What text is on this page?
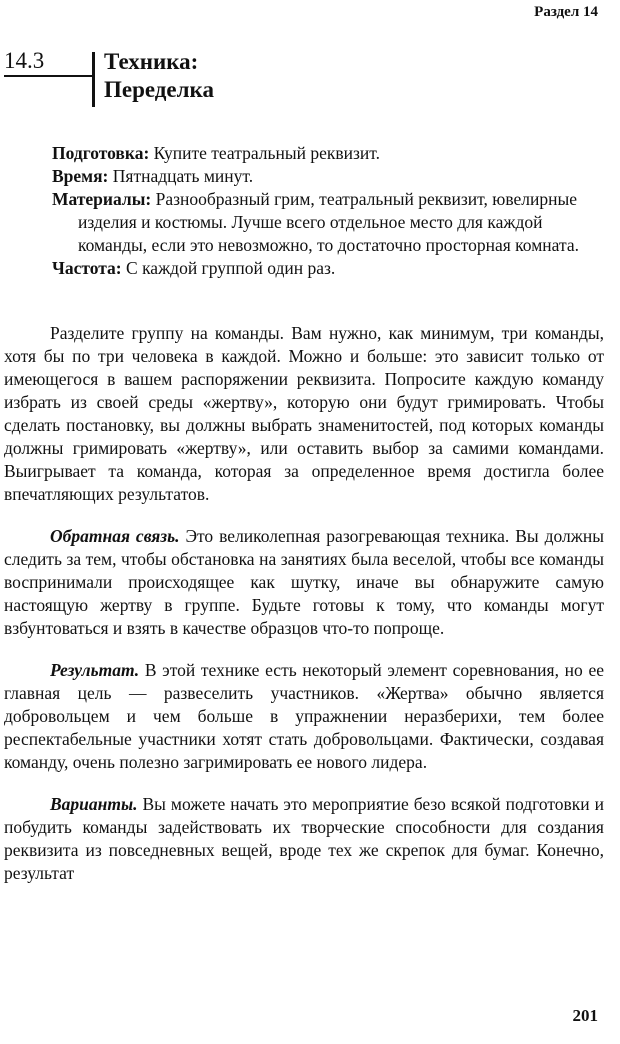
Раздел 14
14.3	Техника:
Переделка

Подготовка: Купите театральный реквизит.

Время: Пятнадцать минут.

Материалы: Разнообразный грим, театральный реквизит, ювелирные изделия и костюмы. Лучше всего отдельное место для каждой команды, если это невозможно, то достаточно просторная комната.

Частота: С каждой группой один раз.

Разделите группу на команды. Вам нужно, как минимум, три команды, хотя бы по три человека в каждой. Можно и больше: это зависит только от имеющегося в вашем распоряжении реквизита. Попросите каждую команду избрать из своей среды «жертву», которую они будут гримировать. Чтобы сделать постановку, вы должны выбрать знаменитостей, под которых команды должны гримировать «жертву», или оставить выбор за самими командами. Выигрывает та команда, которая за определенное время достигла более впечатляющих результатов.

Обратная связь. Это великолепная разогревающая техника. Вы должны следить за тем, чтобы обстановка на занятиях была веселой, чтобы все команды воспринимали происходящее как шутку, иначе вы обнаружите самую настоящую жертву в группе. Будьте готовы к тому, что команды могут взбунтоваться и взять в качестве образцов что-то попроще.

Результат. В этой технике есть некоторый элемент соревнования, но ее главная цель — развеселить участников. «Жертва» обычно является добровольцем и чем больше в упражнении неразберихи, тем более респектабельные участники хотят стать добровольцами. Фактически, создавая команду, очень полезно загримировать ее нового лидера.

Варианты. Вы можете начать это мероприятие безо всякой подготовки и побудить команды задействовать их творческие способности для создания реквизита из повседневных вещей, вроде тех же скрепок для бумаг. Конечно, результат

201
